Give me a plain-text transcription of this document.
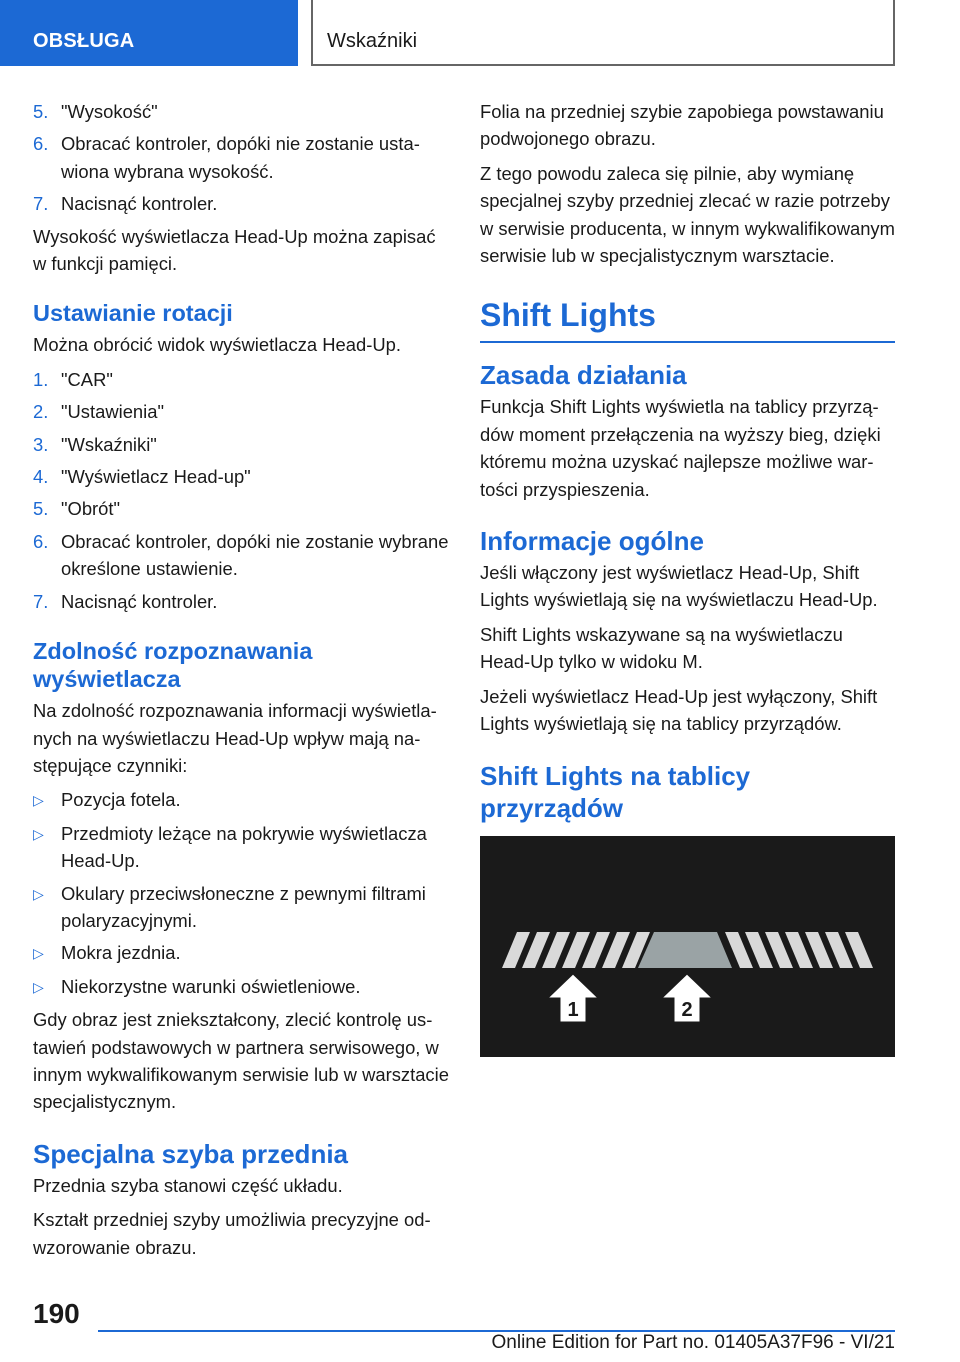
OBSŁUGA	Wskaźniki
5. "Wysokość"
6. Obracać kontroler, dopóki nie zostanie ustawiona wybrana wysokość.
7. Nacisnąć kontroler.

Wysokość wyświetlacza Head-Up można zapisać w funkcji pamięci.

Ustawianie rotacji

Można obrócić widok wyświetlacza Head-Up.

1. "CAR"
2. "Ustawienia"
3. "Wskaźniki"
4. "Wyświetlacz Head-up"
5. "Obrót"
6. Obracać kontroler, dopóki nie zostanie wybrane określone ustawienie.
7. Nacisnąć kontroler.
Zdolność rozpoznawania wyświetlacza

Na zdolność rozpoznawania informacji wyświetlanych na wyświetlaczu Head-Up wpływ mają następujące czynniki:

▷ Pozycja fotela.
▷ Przedmioty leżące na pokrywie wyświetlacza Head-Up.
▷ Okulary przeciwsłoneczne z pewnymi filtrami polaryzacyjnymi.
▷ Mokra jezdnia.
▷ Niekorzystne warunki oświetleniowe.

Gdy obraz jest zniekształcony, zlecić kontrolę ustawień podstawowych w partnera serwisowego, w innym wykwalifikowanym serwisie lub w warsztacie specjalistycznym.

Specjalna szyba przednia

Przednia szyba stanowi część układu.

Kształt przedniej szyby umożliwia precyzyjne odwzorowanie obrazu.

Folia na przedniej szybie zapobiega powstawaniu podwojonego obrazu.

Z tego powodu zaleca się pilnie, aby wymianę specjalnej szyby przedniej zlecać w razie potrzeby w serwisie producenta, w innym wykwalifikowanym serwisie lub w specjalistycznym warsztacie.

Shift Lights
Zasada działania

Funkcja Shift Lights wyświetla na tablicy przyrządów moment przełączenia na wyższy bieg, dzięki któremu można uzyskać najlepsze możliwe wartości przyspieszenia.

Informacje ogólne

Jeśli włączony jest wyświetlacz Head-Up, Shift Lights wyświetlają się na wyświetlaczu Head-Up.

Shift Lights wskazywane są na wyświetlaczu Head-Up tylko w widoku M.

Jeżeli wyświetlacz Head-Up jest wyłączony, Shift Lights wyświetlają się na tablicy przyrządów.

Shift Lights na tablicy przyrządów
1	2
190
Online Edition for Part no. 01405A37F96 - VI/21
